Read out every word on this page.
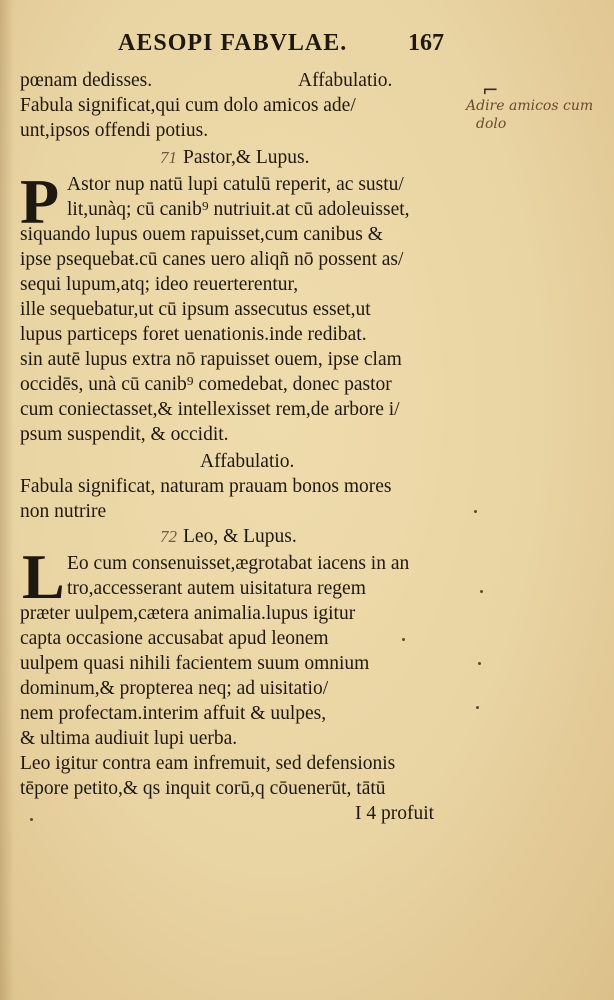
AESOPI FABVLAE.	167
pœnam dedisses.	Affabulatio.
Fabula significat,qui cum dolo amicos ade/
unt,ipsos offendi potius.
71 Pastor,& Lupus.
P Astor nup natū lupi catulū reperit, ac sustu/
lit,unàq; cū canib⁹ nutriuit.at cū adoleuisset,
siquando lupus ouem rapuisset,cum canibus &
ipse psequebaŧ.cū canes uero aliqñ nō possent as/
sequi lupum,atq; ideo reuerterentur,
ille sequebatur,ut cū ipsum assecutus esset,ut
lupus particeps foret uenationis.inde redibat.
sin autē lupus extra nō rapuisset ouem, ipse clam
occidēs, unà cū canib⁹ comedebat, donec pastor
cum coniectasset,& intellexisset rem,de arbore i/
psum suspendit, & occidit.
Affabulatio.
Fabula significat, naturam prauam bonos mores
non nutrire
72 Leo, & Lupus.
L Eo cum consenuisset,ægrotabat iacens in an
tro,accesserant autem uisitatura regem
præter uulpem,cætera animalia.lupus igitur
capta occasione accusabat apud leonem
uulpem quasi nihili facientem suum omnium
dominum,& propterea neq; ad uisitatio/
nem profectam.interim affuit & uulpes,
& ultima audiuit lupi uerba.
Leo igitur contra eam infremuit, sed defensionis
tēpore petito,& qs inquit corū,q cōuenerūt, tātū
I 4 profuit
⌐
Adire amicos cum
dolo
